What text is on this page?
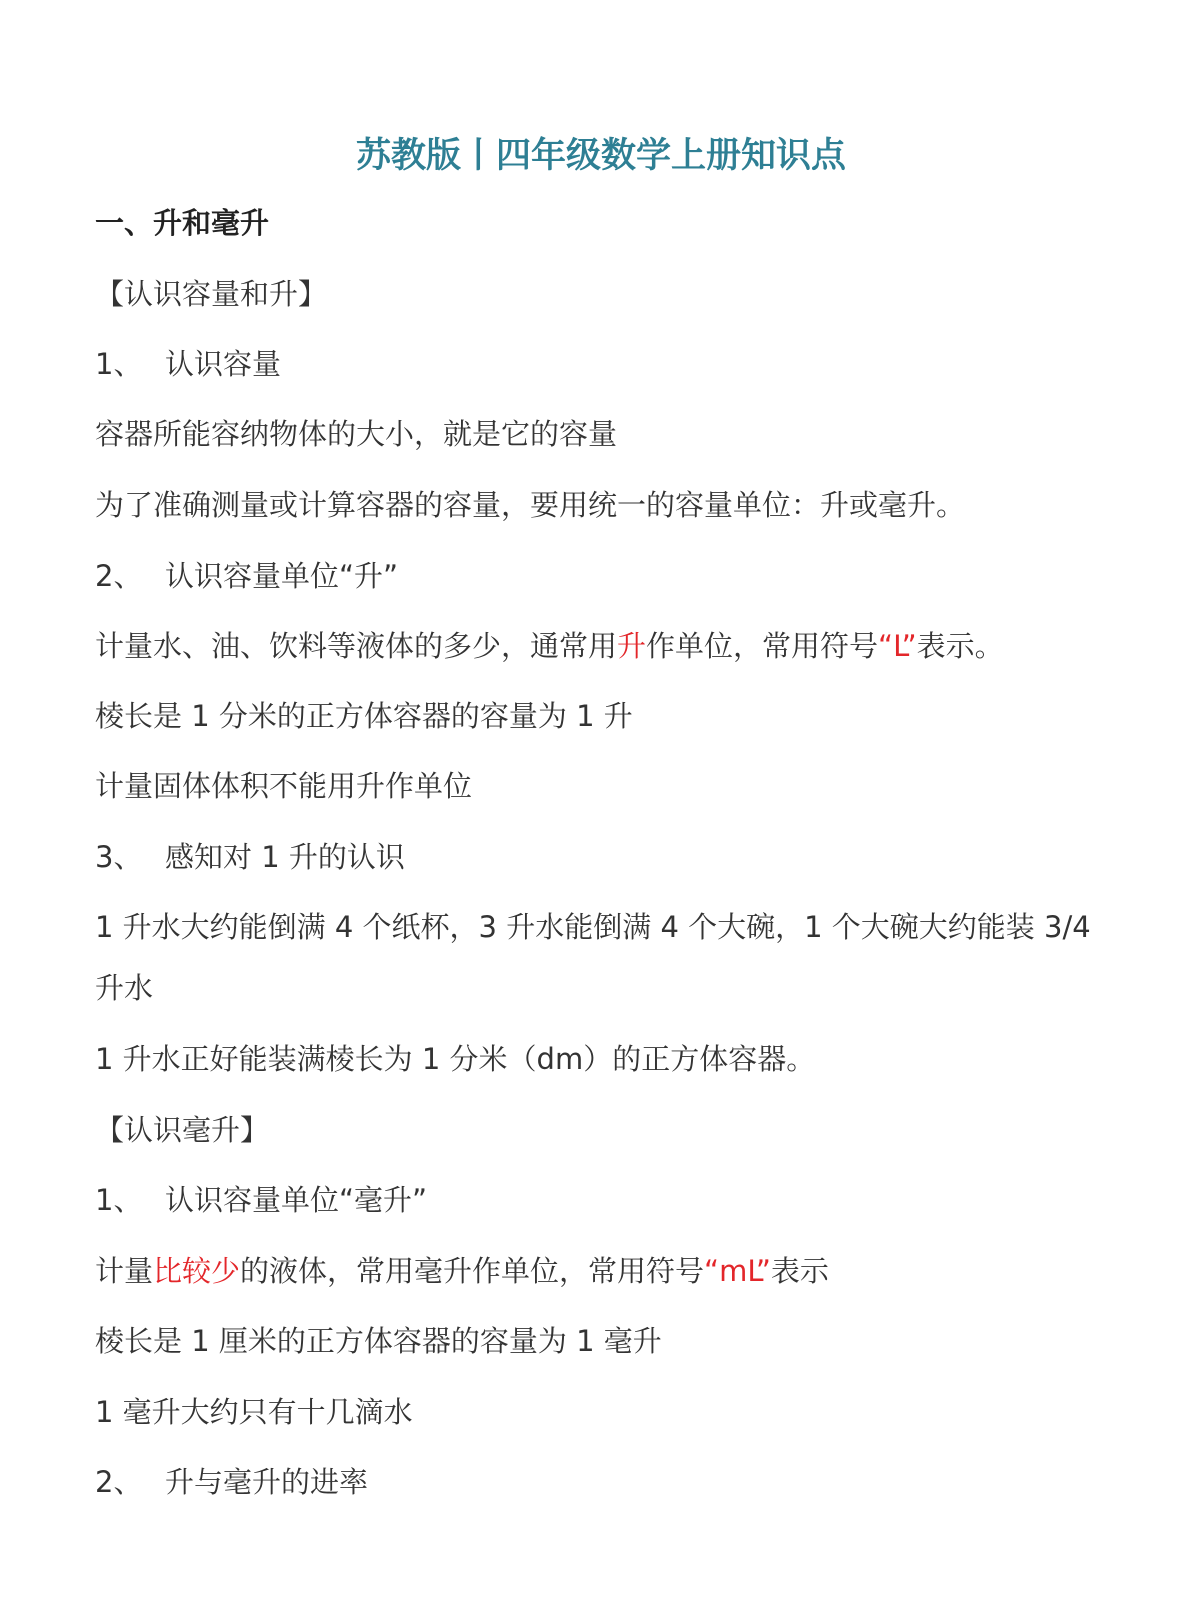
苏教版丨四年级数学上册知识点

一、升和毫升

【认识容量和升】

1、 认识容量

容器所能容纳物体的大小，就是它的容量

为了准确测量或计算容器的容量，要用统一的容量单位：升或毫升。

2、 认识容量单位“升”

计量水、油、饮料等液体的多少，通常用升作单位，常用符号“L”表示。

棱长是 1 分米的正方体容器的容量为 1 升

计量固体体积不能用升作单位

3、 感知对 1 升的认识

1 升水大约能倒满 4 个纸杯，3 升水能倒满 4 个大碗，1 个大碗大约能装 3/4

升水

1 升水正好能装满棱长为 1 分米（dm）的正方体容器。

【认识毫升】

1、 认识容量单位“毫升”

计量比较少的液体，常用毫升作单位，常用符号“mL”表示

棱长是 1 厘米的正方体容器的容量为 1 毫升

1 毫升大约只有十几滴水

2、 升与毫升的进率
